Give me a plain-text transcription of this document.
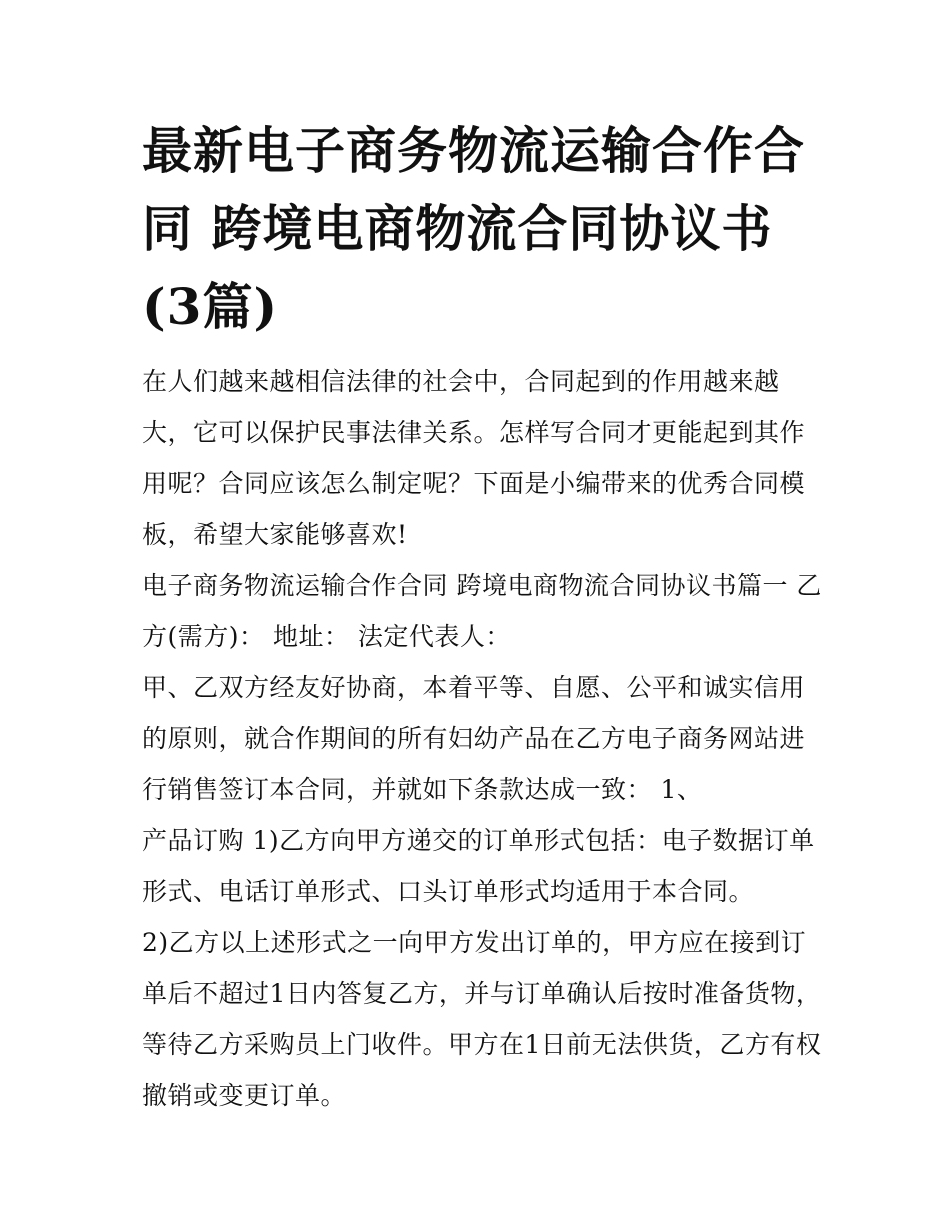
最新电子商务物流运输合作合同 跨境电商物流合同协议书(3篇)

在人们越来越相信法律的社会中，合同起到的作用越来越大，它可以保护民事法律关系。怎样写合同才更能起到其作用呢？合同应该怎么制定呢？下面是小编带来的优秀合同模板，希望大家能够喜欢!

电子商务物流运输合作合同 跨境电商物流合同协议书篇一 乙方(需方)： 地址： 法定代表人：

甲、乙双方经友好协商，本着平等、自愿、公平和诚实信用的原则，就合作期间的所有妇幼产品在乙方电子商务网站进行销售签订本合同，并就如下条款达成一致： 1、

产品订购 1)乙方向甲方递交的订单形式包括：电子数据订单形式、电话订单形式、口头订单形式均适用于本合同。

2)乙方以上述形式之一向甲方发出订单的，甲方应在接到订单后不超过1日内答复乙方，并与订单确认后按时准备货物，等待乙方采购员上门收件。甲方在1日前无法供货，乙方有权撤销或变更订单。
